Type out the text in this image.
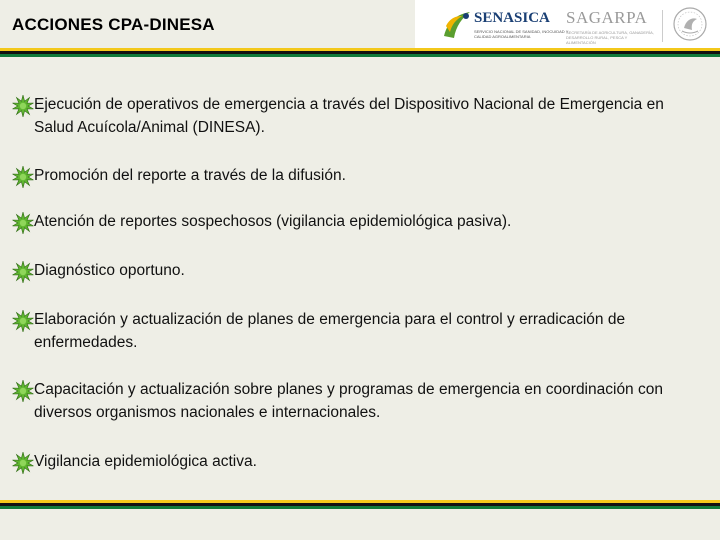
ACCIONES CPA-DINESA	SENASICA
SERVICIO NACIONAL DE SANIDAD, INOCUIDAD Y CALIDAD AGROALIMENTARIA
SAGARPA
SECRETARÍA DE AGRICULTURA, GANADERÍA, DESARROLLO RURAL, PESCA Y ALIMENTACIÓN
Ejecución de operativos de emergencia a través del Dispositivo Nacional de Emergencia en Salud Acuícola/Animal (DINESA).
Promoción del reporte a través de la difusión.
Atención de reportes sospechosos (vigilancia epidemiológica pasiva).
Diagnóstico oportuno.
Elaboración y actualización de planes de emergencia para el control y erradicación de enfermedades.
Capacitación y actualización sobre planes y programas de emergencia en coordinación con diversos organismos nacionales e internacionales.
Vigilancia epidemiológica activa.
